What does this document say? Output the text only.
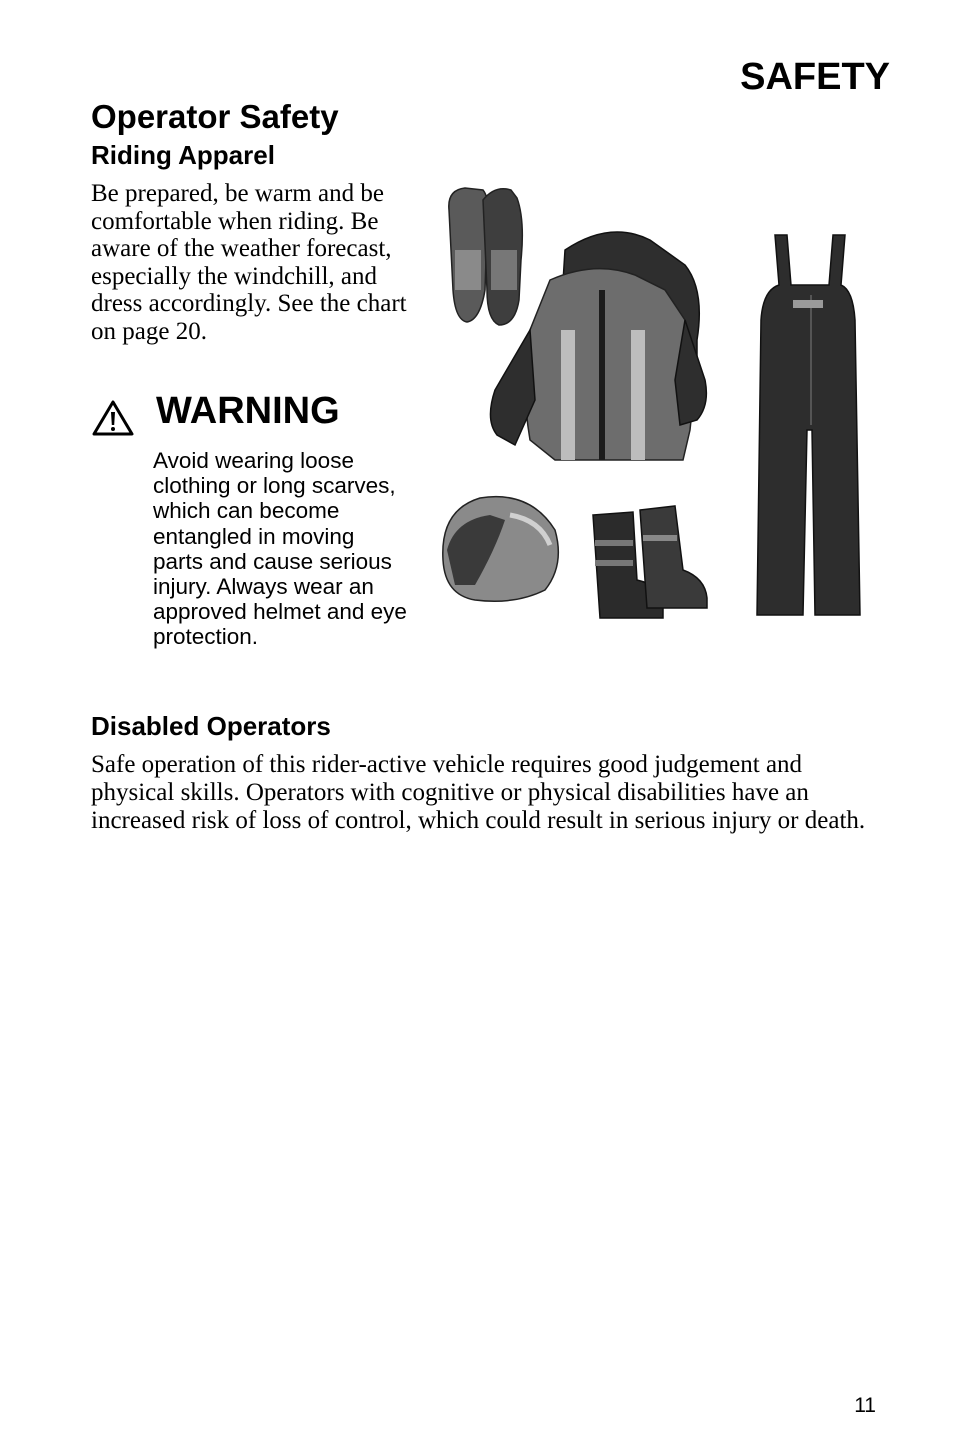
SAFETY
Operator Safety
Riding Apparel

Be prepared, be warm and be comfortable when riding. Be aware of the weather forecast, especially the windchill, and dress accordingly. See the chart on page 20.

WARNING

Avoid wearing loose clothing or long scarves, which can become entangled in moving parts and cause serious injury. Always wear an approved helmet and eye protection.

Disabled Operators

Safe operation of this rider-active vehicle requires good judgement and physical skills. Operators with cognitive or physical disabilities have an increased risk of loss of control, which could result in serious injury or death.

11
